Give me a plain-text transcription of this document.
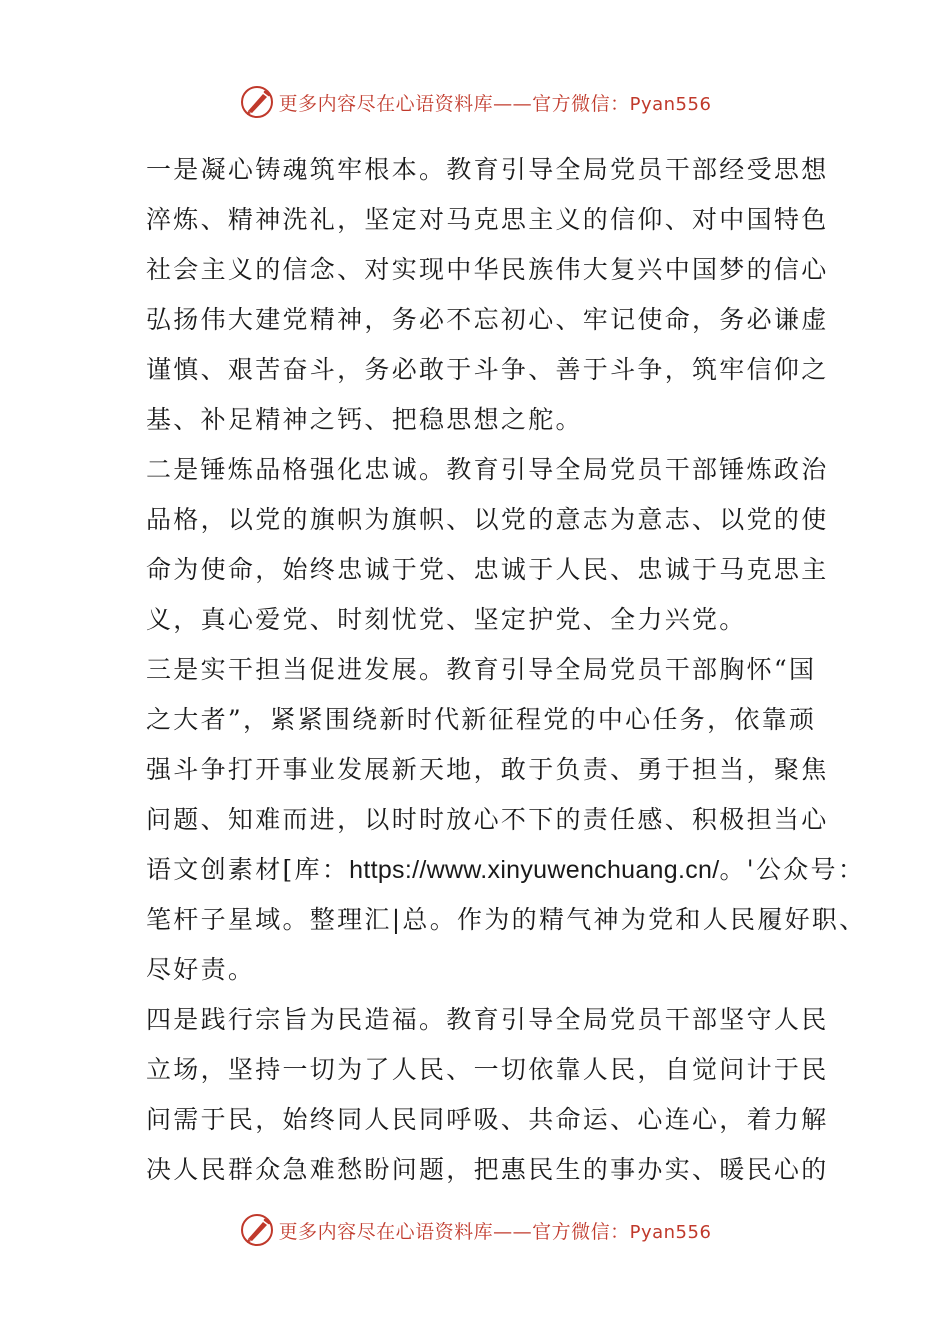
更多内容尽在心语资料库——官方微信：Pyan556
一是凝心铸魂筑牢根本。教育引导全局党员干部经受思想
淬炼、精神洗礼，坚定对马克思主义的信仰、对中国特色
社会主义的信念、对实现中华民族伟大复兴中国梦的信心
弘扬伟大建党精神，务必不忘初心、牢记使命，务必谦虚
谨慎、艰苦奋斗，务必敢于斗争、善于斗争，筑牢信仰之
基、补足精神之钙、把稳思想之舵。
二是锤炼品格强化忠诚。教育引导全局党员干部锤炼政治
品格，以党的旗帜为旗帜、以党的意志为意志、以党的使
命为使命，始终忠诚于党、忠诚于人民、忠诚于马克思主
义，真心爱党、时刻忧党、坚定护党、全力兴党。
三是实干担当促进发展。教育引导全局党员干部胸怀“国
之大者”，紧紧围绕新时代新征程党的中心任务，依靠顽
强斗争打开事业发展新天地，敢于负责、勇于担当，聚焦
问题、知难而进，以时时放心不下的责任感、积极担当心
语文创素材[库：https://www.xinyuwenchuang.cn/。'公众号：
笔杆子星域。整理汇|总。作为的精气神为党和人民履好职、
尽好责。
四是践行宗旨为民造福。教育引导全局党员干部坚守人民
立场，坚持一切为了人民、一切依靠人民，自觉问计于民
问需于民，始终同人民同呼吸、共命运、心连心，着力解
决人民群众急难愁盼问题，把惠民生的事办实、暖民心的
更多内容尽在心语资料库——官方微信：Pyan556
